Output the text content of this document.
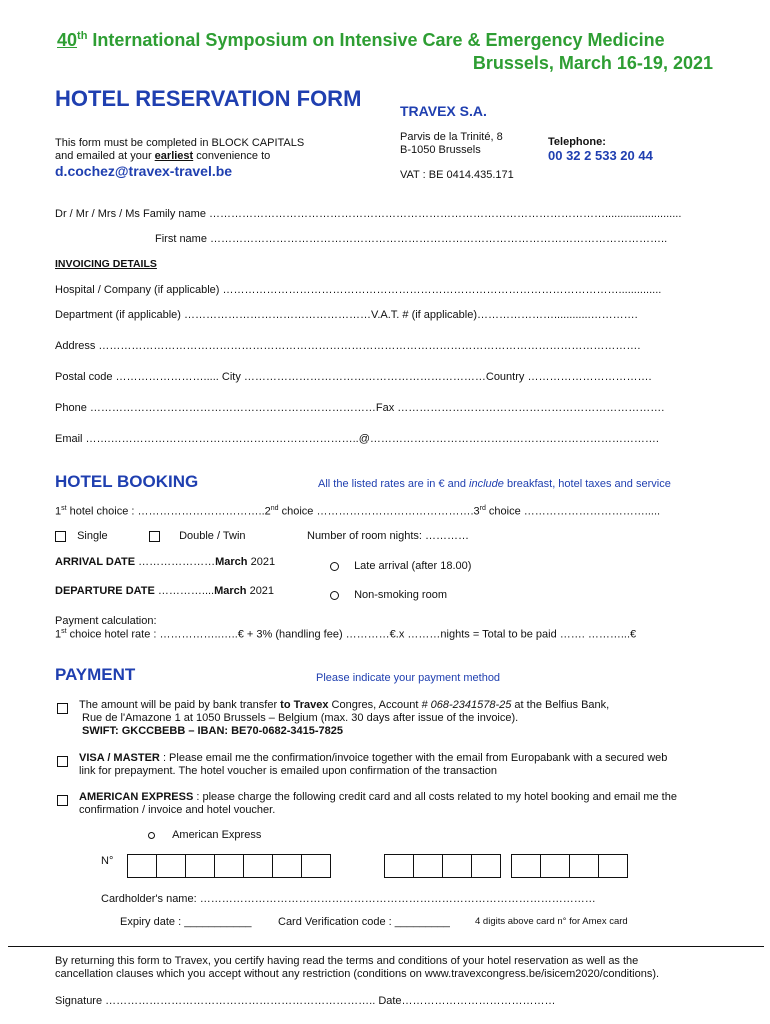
40th International Symposium on Intensive Care & Emergency Medicine
Brussels, March 16-19, 2021
HOTEL RESERVATION FORM
This form must be completed in BLOCK CAPITALS
and emailed at your earliest convenience to
d.cochez@travex-travel.be
TRAVEX S.A.
Parvis de la Trinité, 8
B-1050 Brussels
VAT : BE 0414.435.171
Telephone:
00 32 2 533 20 44
Dr / Mr / Mrs / Ms Family name ……………………………………………………………………………………………….........................
First name ……………………………………………………………………………………………………………..
INVOICING DETAILS
Hospital / Company (if applicable) ………………………………………………………………………………………………..............
Department (if applicable) ……………………………………………V.A.T. # (if applicable)…………………............………….
Address ………………………………………………………………………………………………………………………………….
Postal code ……………………..... City …………………………………………………………Country …………………………….
Phone ……………………………………………………………………Fax ……………………………………………………………….
Email …….…………………………………………………………..@…………………………………………………………………….
HOTEL BOOKING	All the listed rates are in € and include breakfast, hotel taxes and service
1st hotel choice : ……………………………..2nd choice …………………………………….3rd choice …………………………….....
Single	Double / Twin	Number of room nights: …………
ARRIVAL DATE …………………March 2021	Late arrival (after 18.00)
DEPARTURE DATE …………....March 2021	Non-smoking room
Payment calculation:
1st choice hotel rate : ……………..…..€ + 3% (handling fee) …………€.x ………nights = Total to be paid ……. ………...€
PAYMENT	Please indicate your payment method
The amount will be paid by bank transfer to Travex Congres, Account # 068-2341578-25 at the Belfius Bank,
Rue de l'Amazone 1 at 1050 Brussels – Belgium (max. 30 days after issue of the invoice).
SWIFT: GKCCBEBB – IBAN: BE70-0682-3415-7825
VISA / MASTER : Please email me the confirmation/invoice together with the email from Europabank with a secured web
link for prepayment. The hotel voucher is emailed upon confirmation of the transaction
AMERICAN EXPRESS : please charge the following credit card and all costs related to my hotel booking and email me the
confirmation / invoice and hotel voucher.
American Express
N°
Cardholder's name: ………………………………………………………………………………………………
Expiry date : ___________ Card Verification code : _________	4 digits above card n° for Amex card
By returning this form to Travex, you certify having read the terms and conditions of your hotel reservation as well as the
cancellation clauses which you accept without any restriction (conditions on www.travexcongress.be/isicem2020/conditions).
Signature ……………………………………………………………….. Date……………………………………
